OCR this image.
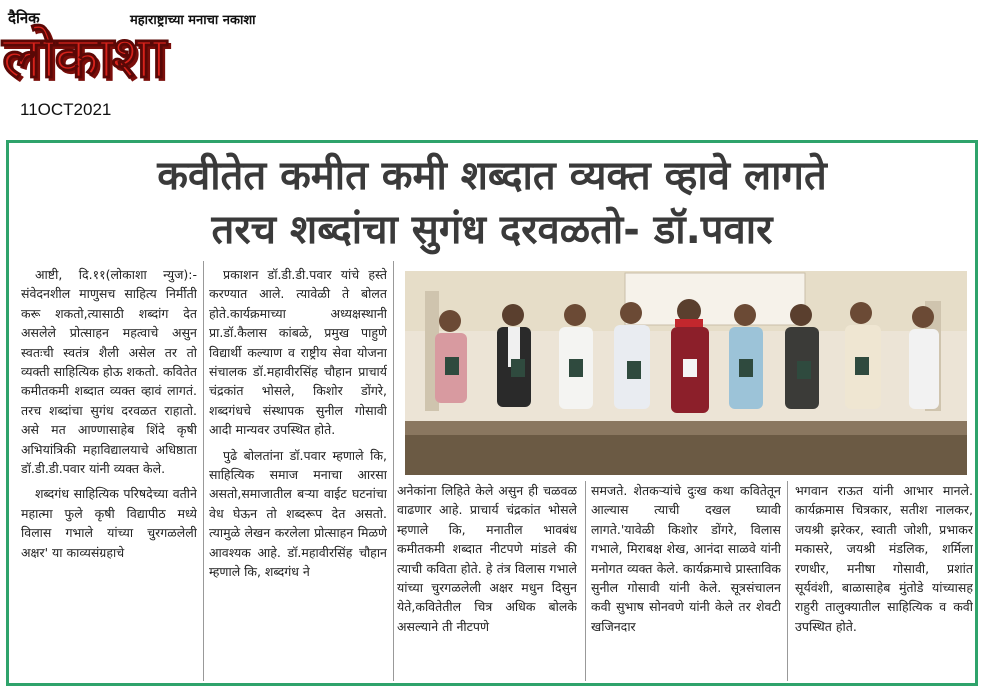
दैनिक	महाराष्ट्राच्या मनाचा नकाशा
लोकाशा
11OCT2021
कवीतेत कमीत कमी शब्दात व्यक्त व्हावे लागते
तरच शब्दांचा सुगंध दरवळतो- डॉ.पवार

आष्टी, दि.११(लोकाशा न्युज):- संवेदनशील माणुसच साहित्य निर्मीती करू शकतो,त्यासाठी शब्दांग देत असलेले प्रोत्साहन महत्वाचे असुन स्वतःची स्वतंत्र शैली असेल तर तो व्यक्ती साहित्यिक होऊ शकतो. कवितेत कमीतकमी शब्दात व्यक्त व्हावं लागतं. तरच शब्दांचा सुगंध दरवळत राहातो. असे मत आण्णासाहेब शिंदे कृषी अभियांत्रिकी महाविद्यालयाचे अधिष्ठाता डॉ.डी.डी.पवार यांनी व्यक्त केले.

शब्दगंध साहित्यिक परिषदेच्या वतीने महात्मा फुले कृषी विद्यापीठ मध्ये विलास गभाले यांच्या चुरगळलेली अक्षर' या काव्यसंग्रहाचे

प्रकाशन डॉ.डी.डी.पवार यांचे हस्ते करण्यात आले. त्यावेळी ते बोलत होते.कार्यक्रमाच्या अध्यक्षस्थानी प्रा.डॉ.कैलास कांबळे, प्रमुख पाहुणे विद्यार्थी कल्याण व राष्ट्रीय सेवा योजना संचालक डॉ.महावीरसिंह चौहान प्राचार्य चंद्रकांत भोसले, किशोर डोंगरे, शब्दगंधचे संस्थापक सुनील गोसावी आदी मान्यवर उपस्थित होते.

पुढे बोलतांना डॉ.पवार म्हणाले कि, साहित्यिक समाज मनाचा आरसा असतो,समाजातील बऱ्या वाईट घटनांचा वेध घेऊन तो शब्दरूप देत असतो. त्यामुळे लेखन करलेला प्रोत्साहन मिळणे आवश्यक आहे. डॉ.महावीरसिंह चौहान म्हणाले कि, शब्दगंध ने

अनेकांना लिहिते केले असुन ही चळवळ वाढणार आहे. प्राचार्य चंद्रकांत भोसले म्हणाले कि, मनातील भावबंध कमीतकमी शब्दात नीटपणे मांडले की त्याची कविता होते. हे तंत्र विलास गभाले यांच्या चुरगळलेली अक्षर मधुन दिसुन येते,कवितेतील चित्र अधिक बोलके असल्याने ती नीटपणे

समजते. शेतकऱ्यांचे दुःख कथा कवितेतून आल्यास त्याची दखल घ्यावी लागते.'यावेळी किशोर डोंगरे, विलास गभाले, मिराबक्ष शेख, आनंदा साळवे यांनी मनोगत व्यक्त केले. कार्यक्रमाचे प्रास्ताविक सुनील गोसावी यांनी केले. सूत्रसंचालन कवी सुभाष सोनवणे यांनी केले तर शेवटी खजिनदार

भगवान राऊत यांनी आभार मानले. कार्यक्रमास चित्रकार, सतीश नालकर, जयश्री झरेकर, स्वाती जोशी, प्रभाकर मकासरे, जयश्री मंडलिक, शर्मिला रणधीर, मनीषा गोसावी, प्रशांत सूर्यवंशी, बाळासाहेब मुंतोडे यांच्यासह राहुरी तालुक्यातील साहित्यिक व कवी उपस्थित होते.
